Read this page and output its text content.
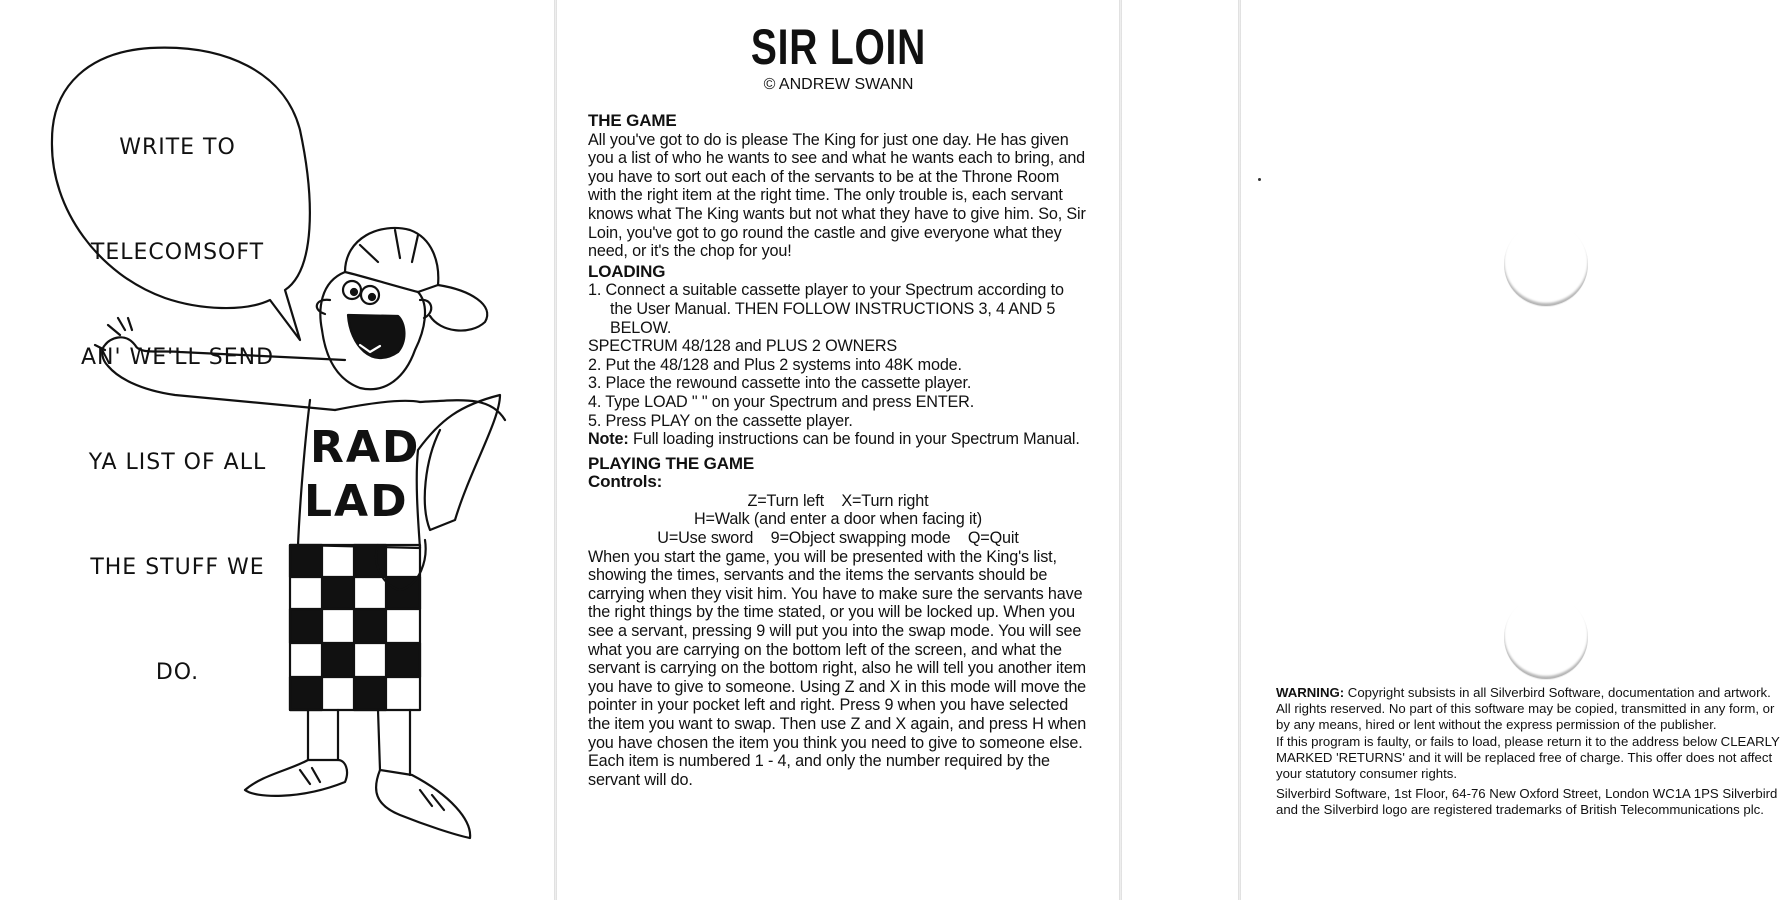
WRITE TO

TELECOMSOFT

AN' WE'LL SEND

YA LIST OF ALL

THE STUFF WE

DO.

RAD
LAD
SIR LOIN
© ANDREW SWANN
THE GAME
All you've got to do is please The King for just one day. He has given you a list of who he wants to see and what he wants each to bring, and you have to sort out each of the servants to be at the Throne Room with the right item at the right time. The only trouble is, each servant knows what The King wants but not what they have to give him. So, Sir Loin, you've got to go round the castle and give everyone what they need, or it's the chop for you!
LOADING
1. Connect a suitable cassette player to your Spectrum according to the User Manual. THEN FOLLOW INSTRUCTIONS 3, 4 AND 5 BELOW.
SPECTRUM 48/128 and PLUS 2 OWNERS
2. Put the 48/128 and Plus 2 systems into 48K mode.
3. Place the rewound cassette into the cassette player.
4. Type LOAD " " on your Spectrum and press ENTER.
5. Press PLAY on the cassette player.
Note: Full loading instructions can be found in your Spectrum Manual.
PLAYING THE GAME
Controls:
Z=Turn left    X=Turn right
H=Walk (and enter a door when facing it)
U=Use sword    9=Object swapping mode    Q=Quit
When you start the game, you will be presented with the King's list, showing the times, servants and the items the servants should be carrying when they visit him. You have to make sure the servants have the right things by the time stated, or you will be locked up. When you see a servant, pressing 9 will put you into the swap mode. You will see what you are carrying on the bottom left of the screen, and what the servant is carrying on the bottom right, also he will tell you another item you have to give to someone. Using Z and X in this mode will move the pointer in your pocket left and right. Press 9 when you have selected the item you want to swap. Then use Z and X again, and press H when you have chosen the item you think you need to give to someone else.
Each item is numbered 1 - 4, and only the number required by the servant will do.
WARNING: Copyright subsists in all Silverbird Software, documentation and artwork. All rights reserved. No part of this software may be copied, transmitted in any form, or by any means, hired or lent without the express permission of the publisher.
If this program is faulty, or fails to load, please return it to the address below CLEARLY MARKED 'RETURNS' and it will be replaced free of charge. This offer does not affect your statutory consumer rights.
Silverbird Software, 1st Floor, 64-76 New Oxford Street, London WC1A 1PS Silverbird and the Silverbird logo are registered trademarks of British Telecommunications plc.
